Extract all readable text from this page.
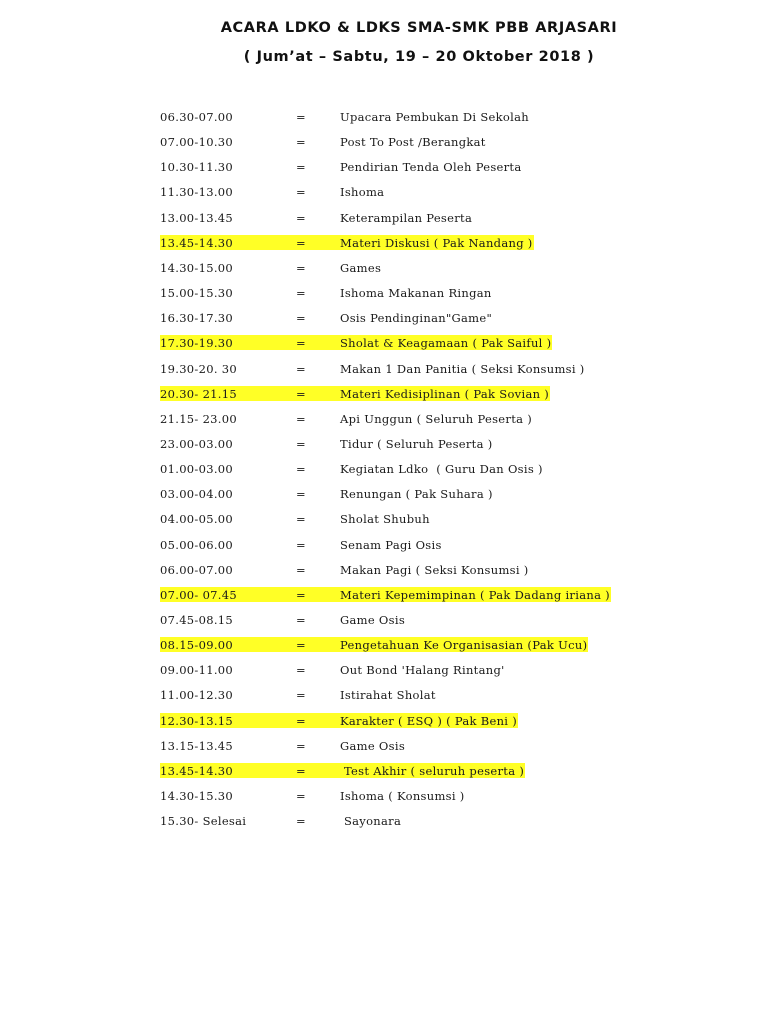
ACARA LDKO & LDKS SMA-SMK PBB ARJASARI
( Jum’at – Sabtu, 19 – 20 Oktober 2018 )
06.30-07.00	=	Upacara Pembukan Di Sekolah
07.00-10.30	=	Post To Post /Berangkat
10.30-11.30	=	Pendirian Tenda Oleh Peserta
11.30-13.00	=	Ishoma
13.00-13.45	=	Keterampilan Peserta
13.45-14.30	=	Materi Diskusi ( Pak Nandang )
14.30-15.00	=	Games
15.00-15.30	=	Ishoma Makanan Ringan
16.30-17.30	=	Osis Pendinginan"Game"
17.30-19.30	=	Sholat & Keagamaan ( Pak Saiful )
19.30-20. 30	=	Makan 1 Dan Panitia ( Seksi Konsumsi )
20.30- 21.15	=	Materi Kedisiplinan ( Pak Sovian )
21.15- 23.00	=	Api Unggun ( Seluruh Peserta )
23.00-03.00	=	Tidur ( Seluruh Peserta )
01.00-03.00	=	Kegiatan Ldko  ( Guru Dan Osis )
03.00-04.00	=	Renungan ( Pak Suhara )
04.00-05.00	=	Sholat Shubuh
05.00-06.00	=	Senam Pagi Osis
06.00-07.00	=	Makan Pagi ( Seksi Konsumsi )
07.00- 07.45	=	Materi Kepemimpinan ( Pak Dadang iriana )
07.45-08.15	=	Game Osis
08.15-09.00	=	Pengetahuan Ke Organisasian (Pak Ucu)
09.00-11.00	=	Out Bond 'Halang Rintang'
11.00-12.30	=	Istirahat Sholat
12.30-13.15	=	Karakter ( ESQ ) ( Pak Beni )
13.15-13.45	=	Game Osis
13.45-14.30	=	Test Akhir ( seluruh peserta )
14.30-15.30	=	Ishoma ( Konsumsi )
15.30- Selesai	=	Sayonara
